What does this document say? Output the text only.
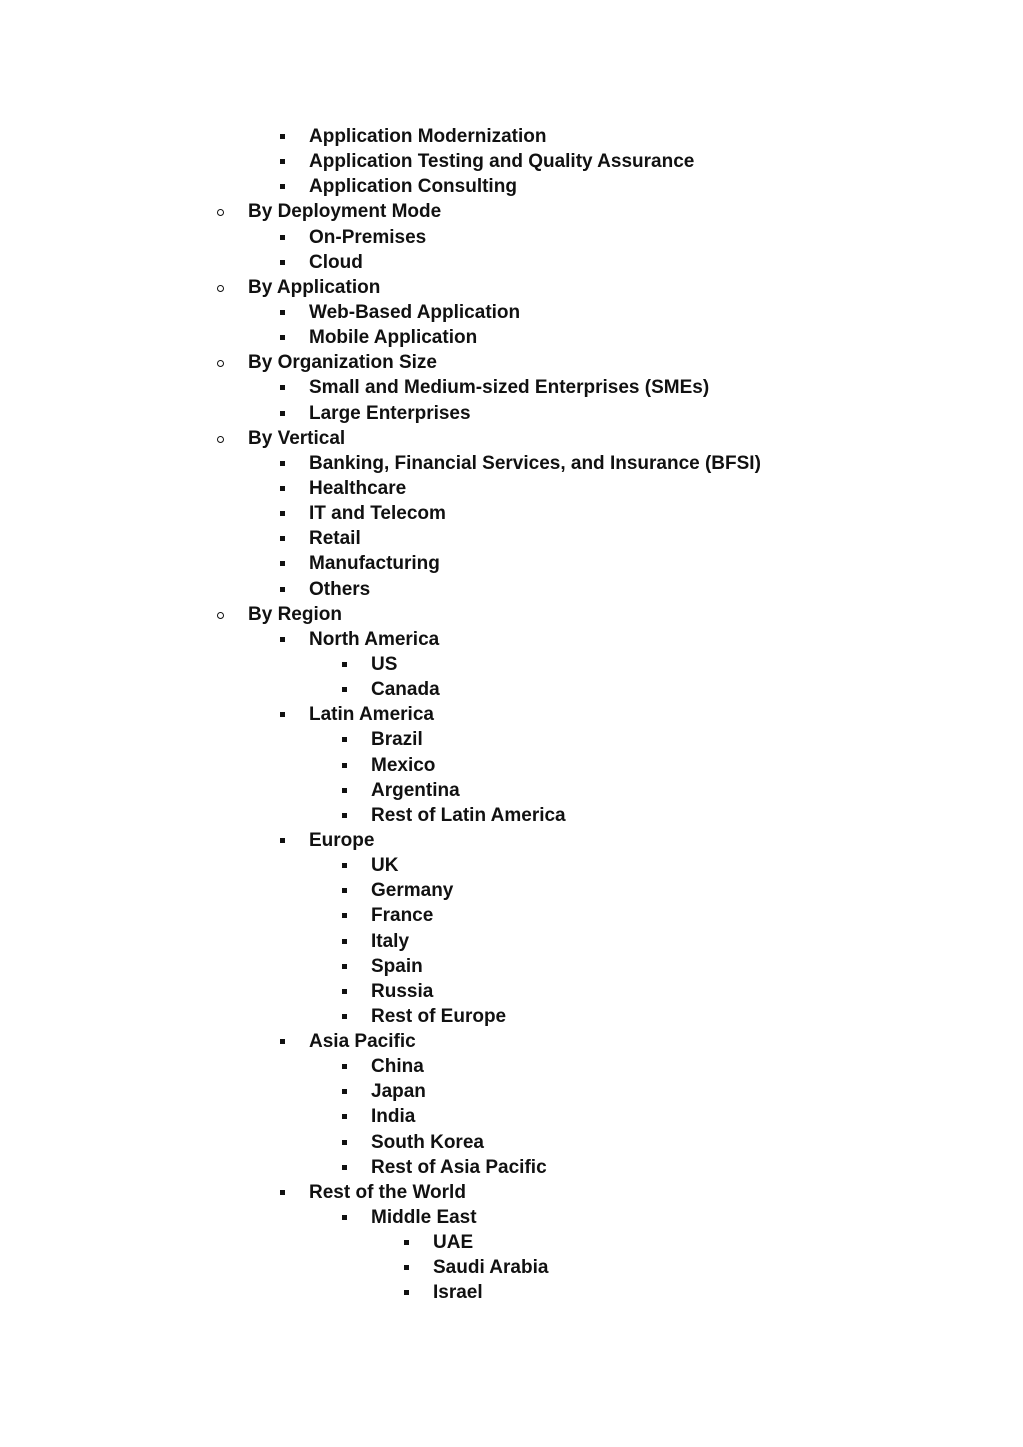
Application Modernization
Application Testing and Quality Assurance
Application Consulting
By Deployment Mode
On-Premises
Cloud
By Application
Web-Based Application
Mobile Application
By Organization Size
Small and Medium-sized Enterprises (SMEs)
Large Enterprises
By Vertical
Banking, Financial Services, and Insurance (BFSI)
Healthcare
IT and Telecom
Retail
Manufacturing
Others
By Region
North America
US
Canada
Latin America
Brazil
Mexico
Argentina
Rest of Latin America
Europe
UK
Germany
France
Italy
Spain
Russia
Rest of Europe
Asia Pacific
China
Japan
India
South Korea
Rest of Asia Pacific
Rest of the World
Middle East
UAE
Saudi Arabia
Israel
